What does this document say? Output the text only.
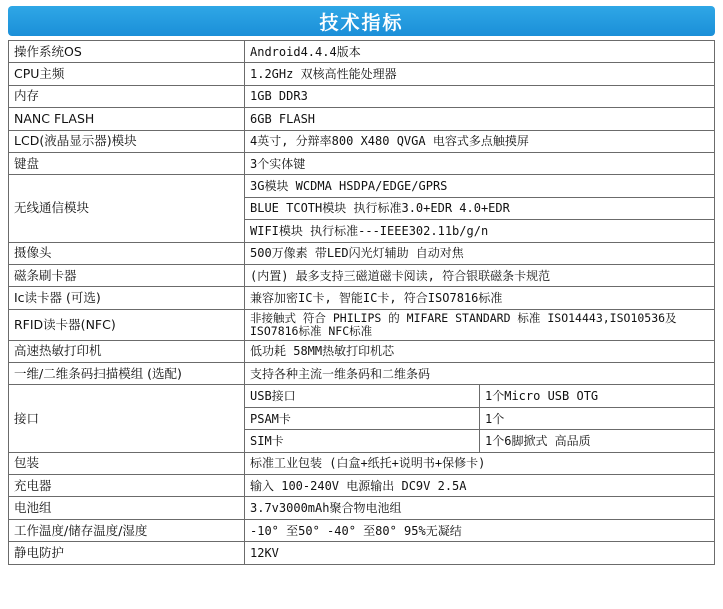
技术指标
操作系统OS	Android4.4.4版本	
CPU主频	1.2GHz 双核高性能处理器	
内存	1GB DDR3	
NANC FLASH	6GB FLASH	
LCD(液晶显示器)模块	4英寸, 分辩率800 X480 QVGA 电容式多点触摸屏	
键盘	3个实体键	
无线通信模块	3G模块 WCDMA HSDPA/EDGE/GPRS	
	BLUE TCOTH模块 执行标准3.0+EDR 4.0+EDR	
	WIFI模块 执行标准---IEEE302.11b/g/n	
摄像头	500万像素 带LED闪光灯辅助 自动对焦	
磁条刷卡器	(内置) 最多支持三磁道磁卡阅读, 符合银联磁条卡规范	
Ic读卡器 (可选)	兼容加密IC卡, 智能IC卡, 符合ISO7816标准	
RFID读卡器(NFC)	非接触式 符合 PHILIPS 的 MIFARE STANDARD 标准 ISO14443,ISO10536及ISO7816标准 NFC标准	
高速热敏打印机	低功耗 58MM热敏打印机芯	
一维/二维条码扫描模组 (选配)	支持各种主流一维条码和二维条码	
接口	USB接口	1个Micro USB OTG
	PSAM卡	1个
	SIM卡	1个6脚掀式 高品质
包装	标准工业包装 (白盒+纸托+说明书+保修卡)	
充电器	输入 100-240V 电源输出 DC9V 2.5A	
电池组	3.7v3000mAh聚合物电池组	
工作温度/储存温度/湿度	-10° 至50° -40° 至80° 95%无凝结	
静电防护	12KV	
